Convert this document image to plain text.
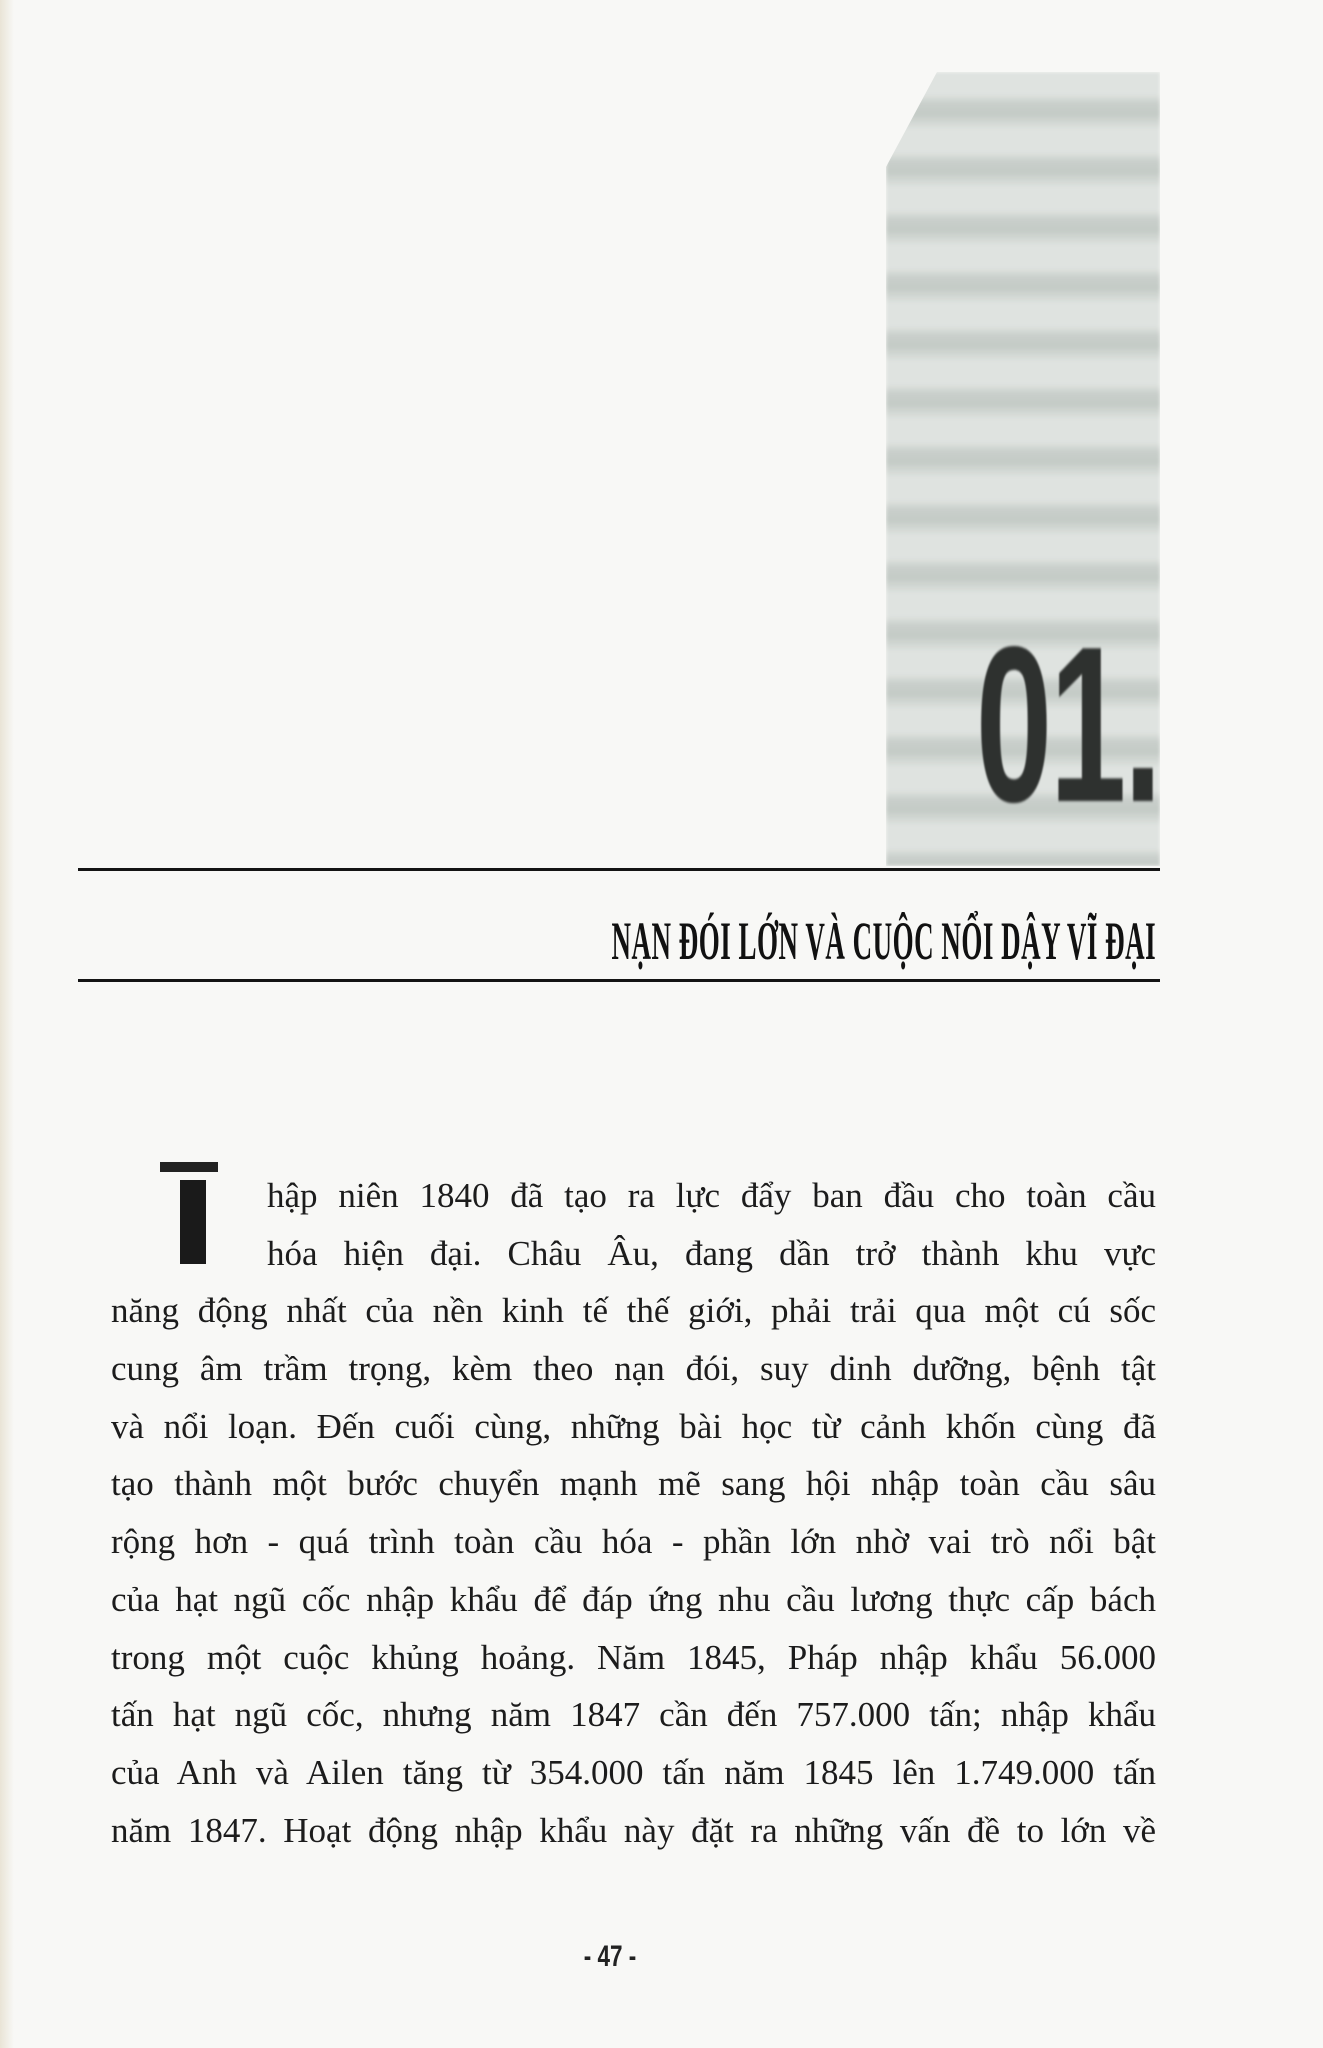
01.
NẠN ĐÓI LỚN VÀ CUỘC NỔI DẬY VĨ ĐẠI
hập niên 1840 đã tạo ra lực đẩy ban đầu cho toàn cầu
hóa hiện đại. Châu Âu, đang dần trở thành khu vực
năng động nhất của nền kinh tế thế giới, phải trải qua một cú sốc
cung âm trầm trọng, kèm theo nạn đói, suy dinh dưỡng, bệnh tật
và nổi loạn. Đến cuối cùng, những bài học từ cảnh khốn cùng đã
tạo thành một bước chuyển mạnh mẽ sang hội nhập toàn cầu sâu
rộng hơn - quá trình toàn cầu hóa - phần lớn nhờ vai trò nổi bật
của hạt ngũ cốc nhập khẩu để đáp ứng nhu cầu lương thực cấp bách
trong một cuộc khủng hoảng. Năm 1845, Pháp nhập khẩu 56.000
tấn hạt ngũ cốc, nhưng năm 1847 cần đến 757.000 tấn; nhập khẩu
của Anh và Ailen tăng từ 354.000 tấn năm 1845 lên 1.749.000 tấn
năm 1847. Hoạt động nhập khẩu này đặt ra những vấn đề to lớn về
- 47 -
